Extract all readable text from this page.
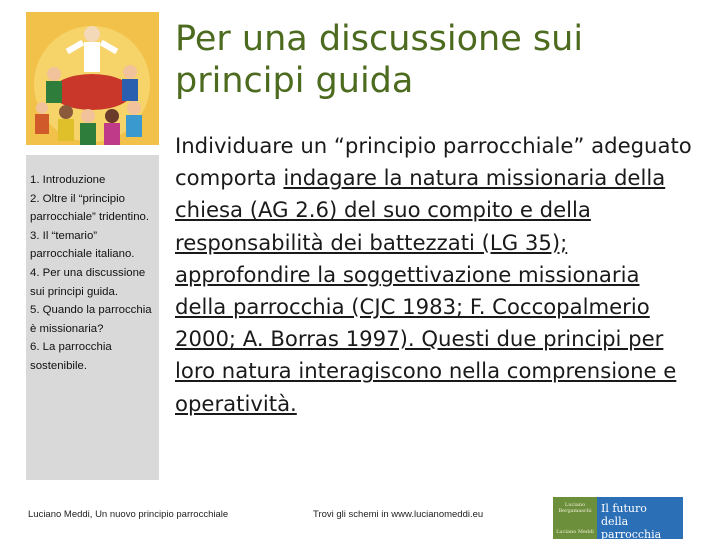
1. Introduzione

2. Oltre il “principio parrocchiale” tridentino.

3. Il “temario” parrocchiale italiano.

4. Per una discussione sui principi guida.

5. Quando la parrocchia è missionaria?

6. La parrocchia sostenibile.

Per una discussione sui principi guida

Individuare un “principio parrocchiale” adeguato comporta indagare la natura missionaria della chiesa (AG 2.6) del suo compito e della responsabilità dei battezzati (LG 35); approfondire la soggettivazione missionaria della parrocchia (CJC 1983; F. Coccopalmerio 2000; A. Borras 1997). Questi due principi per loro natura interagiscono nella comprensione e operatività.

Luciano Meddi, Un nuovo principio parrocchiale	Trovi gli schemi in www.lucianomeddi.eu
Luciano Bergamaschi
Luciano Meddi
Il futuro
della parrocchia
